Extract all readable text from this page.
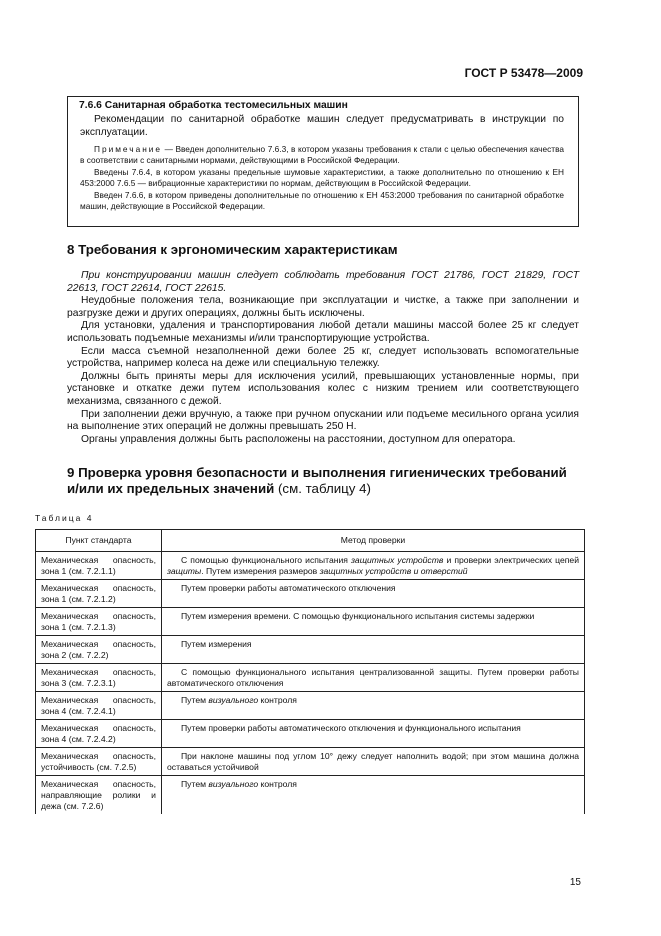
ГОСТ Р 53478—2009

7.6.6 Санитарная обработка тестомесильных машин

Рекомендации по санитарной обработке машин следует предусматривать в инструкции по эксплуатации.

Примечание — Введен дополнительно 7.6.3, в котором указаны требования к стали с целью обеспечения качества в соответствии с санитарными нормами, действующими в Российской Федерации.

Введены 7.6.4, в котором указаны предельные шумовые характеристики, а также дополнительно по отношению к ЕН 453:2000 7.6.5 — вибрационные характеристики по нормам, действующим в Российской Федерации.

Введен 7.6.6, в котором приведены дополнительные по отношению к ЕН 453:2000 требования по санитарной обработке машин, действующие в Российской Федерации.

8 Требования к эргономическим характеристикам

При конструировании машин следует соблюдать требования ГОСТ 21786, ГОСТ 21829, ГОСТ 22613, ГОСТ 22614, ГОСТ 22615.

Неудобные положения тела, возникающие при эксплуатации и чистке, а также при заполнении и разгрузке дежи и других операциях, должны быть исключены.

Для установки, удаления и транспортирования любой детали машины массой более 25 кг следует использовать подъемные механизмы и/или транспортирующие устройства.

Если масса съемной незаполненной дежи более 25 кг, следует использовать вспомогательные устройства, например колеса на деже или специальную тележку.

Должны быть приняты меры для исключения усилий, превышающих установленные нормы, при установке и откатке дежи путем использования колес с низким трением или соответствующего механизма, связанного с дежой.

При заполнении дежи вручную, а также при ручном опускании или подъеме месильного органа усилия на выполнение этих операций не должны превышать 250 Н.

Органы управления должны быть расположены на расстоянии, доступном для оператора.

9 Проверка уровня безопасности и выполнения гигиенических требований и/или их предельных значений (см. таблицу 4)

Таблица 4
Пункт стандарта	Метод проверки
Механическая опасность, зона 1 (см. 7.2.1.1)	С помощью функционального испытания защитных устройств и проверки электрических цепей защиты. Путем измерения размеров защитных устройств и отверстий
Механическая опасность, зона 1 (см. 7.2.1.2)	Путем проверки работы автоматического отключения
Механическая опасность, зона 1 (см. 7.2.1.3)	Путем измерения времени. С помощью функционального испытания системы задержки
Механическая опасность, зона 2 (см. 7.2.2)	Путем измерения
Механическая опасность, зона 3 (см. 7.2.3.1)	С помощью функционального испытания централизованной защиты. Путем проверки работы автоматического отключения
Механическая опасность, зона 4 (см. 7.2.4.1)	Путем визуального контроля
Механическая опасность, зона 4 (см. 7.2.4.2)	Путем проверки работы автоматического отключения и функционального испытания
Механическая опасность, устойчивость (см. 7.2.5)	При наклоне машины под углом 10° дежу следует наполнить водой; при этом машина должна оставаться устойчивой
Механическая опасность, направляющие ролики и дежа (см. 7.2.6)	Путем визуального контроля
15
